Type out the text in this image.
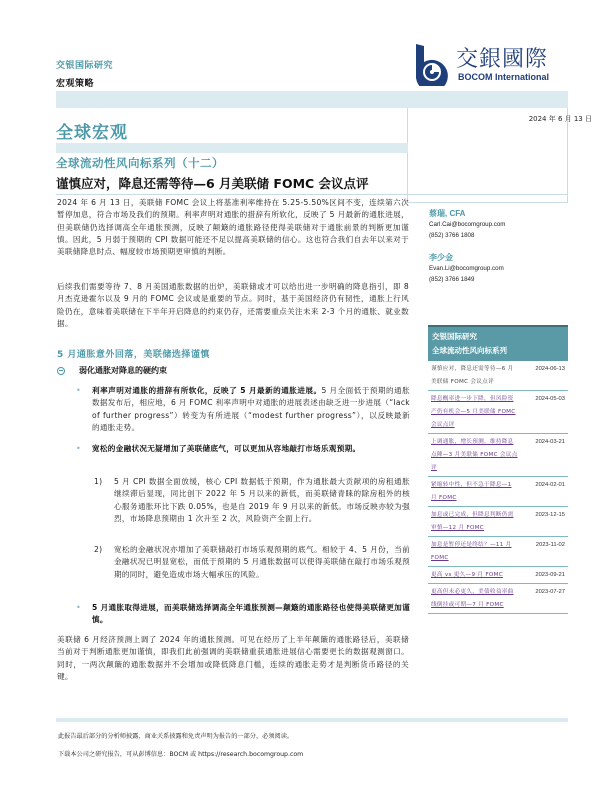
交银国际研究
宏观策略
交銀國際
BOCOM International
2024 年 6 月 13 日
全球宏观
全球流动性风向标系列（十二）
谨慎应对，降息还需等待—6 月美联储 FOMC 会议点评

2024 年 6 月 13 日，美联储 FOMC 会议上将基准利率维持在 5.25-5.50%区间不变，连续第六次暂停加息，符合市场及我们的预期。利率声明对通胀的措辞有所软化，反映了 5 月最新的通胀进展，但美联储仍选择调高全年通胀预测，反映了颠簸的通胀路径使得美联储对于通胀前景的判断更加谨慎。因此，5 月弱于预期的 CPI 数据可能还不足以提高美联储的信心。这也符合我们自去年以来对于美联储降息时点、幅度较市场预期更审慎的判断。

后续我们需要等待 7、8 月美国通胀数据的出炉，美联储或才可以给出进一步明确的降息指引，即 8 月杰克逊霍尔以及 9 月的 FOMC 会议或是重要的节点。同时，基于美国经济仍有韧性，通胀上行风险仍在，意味着美联储在下半年开启降息的约束仍存，还需要重点关注未来 2-3 个月的通胀、就业数据。

5 月通胀意外回落，美联储选择谨慎
弱化通胀对降息的硬约束
• 利率声明对通胀的措辞有所软化，反映了 5 月最新的通胀进展。5 月全面低于预期的通胀数据发布后，相应地，6 月 FOMC 利率声明中对通胀的进展表述由缺乏进一步进展（“lack of further progress”）转变为有所进展（“modest further progress”），以反映最新的通胀走势。
• 宽松的金融状况无疑增加了美联储底气，可以更加从容地敲打市场乐观预期。
1) 5 月 CPI 数据全面放缓，核心 CPI 数据低于预期，作为通胀最大贡献项的房租通胀继续滞后显现，同比创下 2022 年 5 月以来的新低，而美联储青睐的除房租外的核心服务通胀环比下跌 0.05%，也是自 2019 年 9 月以来的新低。市场反映亦较为强烈，市场降息预期由 1 次升至 2 次，风险资产全面上行。
2) 宽松的金融状况亦增加了美联储敲打市场乐观预期的底气。相较于 4、5 月份，当前金融状况已明显宽松，而低于预期的 5 月通胀数据可以使得美联储在敲打市场乐观预期的同时，避免造成市场大幅承压的风险。
• 5 月通胀取得进展，而美联储选择调高全年通胀预测—颠簸的通胀路径也使得美联储更加谨慎。

美联储 6 月经济预测上调了 2024 年的通胀预测。可见在经历了上半年颠簸的通胀路径后，美联储当前对于判断通胀更加谨慎，即我们此前强调的美联储重获通胀进展信心需要更长的数据观测窗口。同时，一两次颠簸的通胀数据并不会增加或降低降息门槛，连续的通胀走势才是判断货币路径的关键。

蔡瑞, CFA
Carl.Cai@bocomgroup.com
(852) 3766 1808
李少金
Evan.Li@bocomgroup.com
(852) 3766 1849
交银国际研究
全球流动性风向标系列
谨慎应对，降息还需等待—6 月美联储 FOMC 会议点评
2024-06-13
降息概率进一步下降，但风险资产仍有机会—5 月美联储 FOMC 会议点评
2024-05-03
上调通胀，增长预测，维持降息点陣—3 月美联储 FOMC 会议点评
2024-03-21
紧缩转中性，但不急于降息—1 月 FOMC
2024-02-01
加息或已完成，但降息判断仍需审慎—12 月 FOMC
2023-12-15
加息是暂停还是终结？—11 月 FOMC
2023-11-02
更高 vs 更久—9 月 FOMC	2023-09-21
更高但未必更久，美债收益率曲线倒挂或可期—7 月 FOMC
2023-07-27
此报告最后部分的分析师披露、商业关系披露和免责声明为报告的一部分，必须阅读。
下载本公司之研究报告，可从彭博信息：BOCM 或 https://research.bocomgroup.com
